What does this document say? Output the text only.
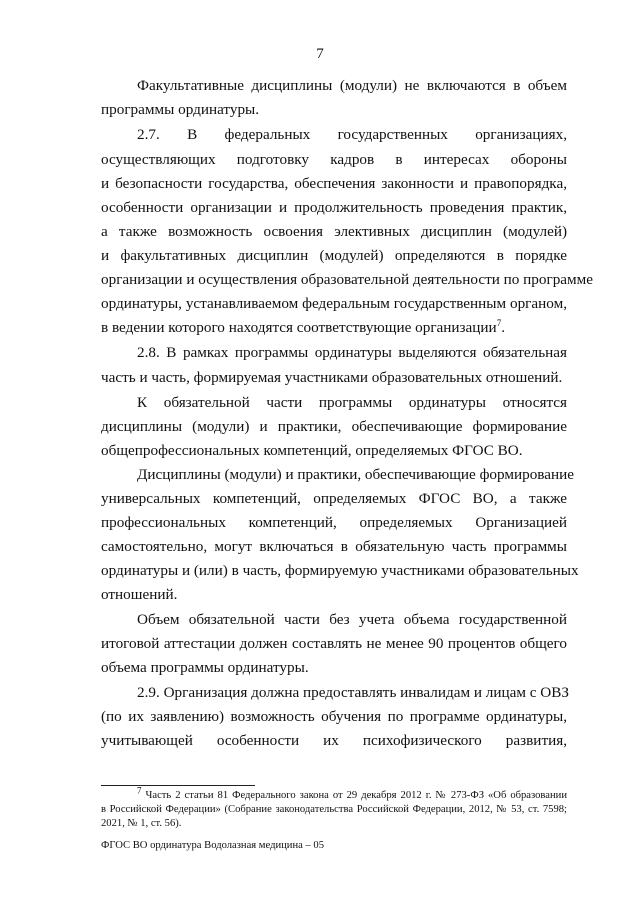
7
Факультативные дисциплины (модули) не включаются в объем
программы ординатуры.
2.7. В федеральных государственных организациях,
осуществляющих подготовку кадров в интересах обороны
и безопасности государства, обеспечения законности и правопорядка,
особенности организации и продолжительность проведения практик,
а также возможность освоения элективных дисциплин (модулей)
и факультативных дисциплин (модулей) определяются в порядке
организации и осуществления образовательной деятельности по программе
ординатуры, устанавливаемом федеральным государственным органом,
в ведении которого находятся соответствующие организации$^7$.
2.8. В рамках программы ординатуры выделяются обязательная
часть и часть, формируемая участниками образовательных отношений.
К обязательной части программы ординатуры относятся
дисциплины (модули) и практики, обеспечивающие формирование
общепрофессиональных компетенций, определяемых ФГОС ВО.
Дисциплины (модули) и практики, обеспечивающие формирование
универсальных компетенций, определяемых ФГОС ВО, а также
профессиональных компетенций, определяемых Организацией
самостоятельно, могут включаться в обязательную часть программы
ординатуры и (или) в часть, формируемую участниками образовательных
отношений.
Объем обязательной части без учета объема государственной
итоговой аттестации должен составлять не менее 90 процентов общего
объема программы ординатуры.
2.9. Организация должна предоставлять инвалидам и лицам с ОВЗ
(по их заявлению) возможность обучения по программе ординатуры,
учитывающей особенности их психофизического развития,
$^7$ Часть 2 статьи 81 Федерального закона от 29 декабря 2012 г. № 273-ФЗ «Об образовании
в Российской Федерации» (Собрание законодательства Российской Федерации, 2012, № 53, ст. 7598;
2021, № 1, ст. 56).
ФГОС ВО ординатура Водолазная медицина – 05
